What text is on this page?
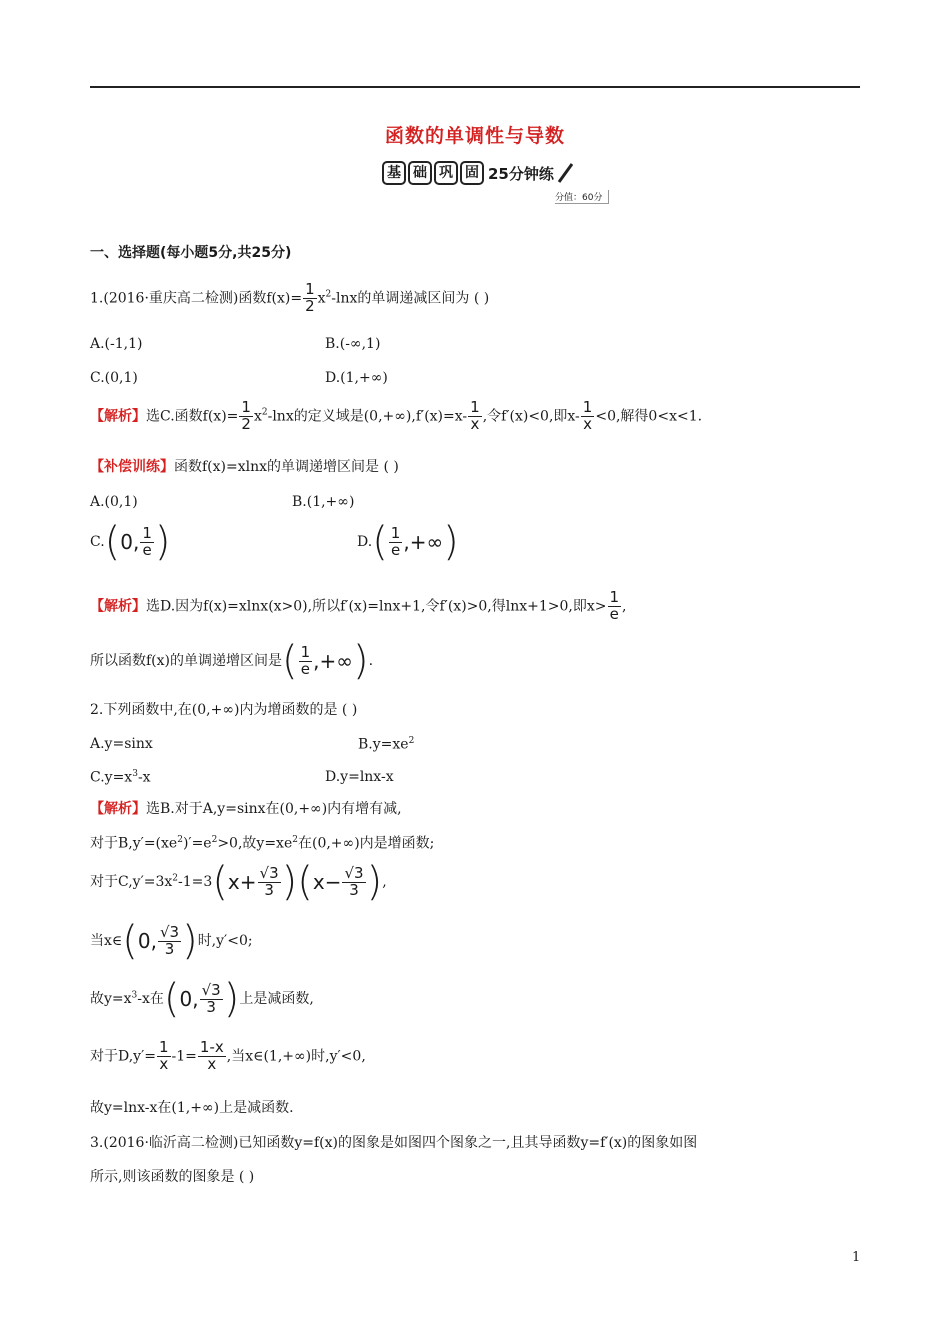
函数的单调性与导数
基 础 巩 固 25分钟练
分值：60分
一、选择题(每小题5分,共25分)
1.(2016·重庆高二检测)函数$f(x)= \frac{1}{2} x^2-\ln x$的单调递减区间为 ( )
A.(-1,1)	B.(-∞,1)
C.(0,1)	D.(1,+∞)
【解析】选C.函数$f(x)= \frac{1}{2} x^2-\ln x$的定义域是$(0,+\infty),f'(x)=x- \frac{1}{x}$ ,令f′(x)<0,即$x- \frac{1}{x} <0$,解得0<x<1.
【补偿训练】函数f(x)=xlnx的单调递增区间是 ( )
A.(0,1)	B.(1,+∞)
C.(0, $\frac{1}{e}$ )	$D.( \frac{1}{e}$ ,+∞)
【解析】选D.因为f(x)=xlnx(x>0),所以f′(x)=lnx+1,令f′(x)>0,得lnx+1>0,即$x> \frac{1}{e}$ ,
所以函数f(x)的单调递增区间是( $\frac{1}{e}$ ,+∞).
2.下列函数中,在(0,+∞)内为增函数的是 ( )
A.y=sinx	$B.y=xe^2$
$C.y=x^3-x$	D.y=lnx-x
【解析】选B.对于A,y=sinx在(0,+∞)内有增有减,
对于$B,y'=(xe^2)'=e^2>0$,故$y=xe^2$在(0,+∞)内是增函数;
对于$C,y'=3x^2-1=3(x+ \frac{√3}{3} )(x- \frac{√3}{3}$ ),
当x∈(0, $\frac{√3}{3}$ )时,y′<0;
故$y=x^3-x$在(0, $\frac{√3}{3}$ )上是减函数,
对于$D,y'= \frac{1}{x} -1= \frac{1-x}{x}$ ,当x∈(1,+∞)时,y′<0,
故y=lnx-x在(1,+∞)上是减函数.
3.(2016·临沂高二检测)已知函数y=f(x)的图象是如图四个图象之一,且其导函数y=f′(x)的图象如图
所示,则该函数的图象是 ( )
1
